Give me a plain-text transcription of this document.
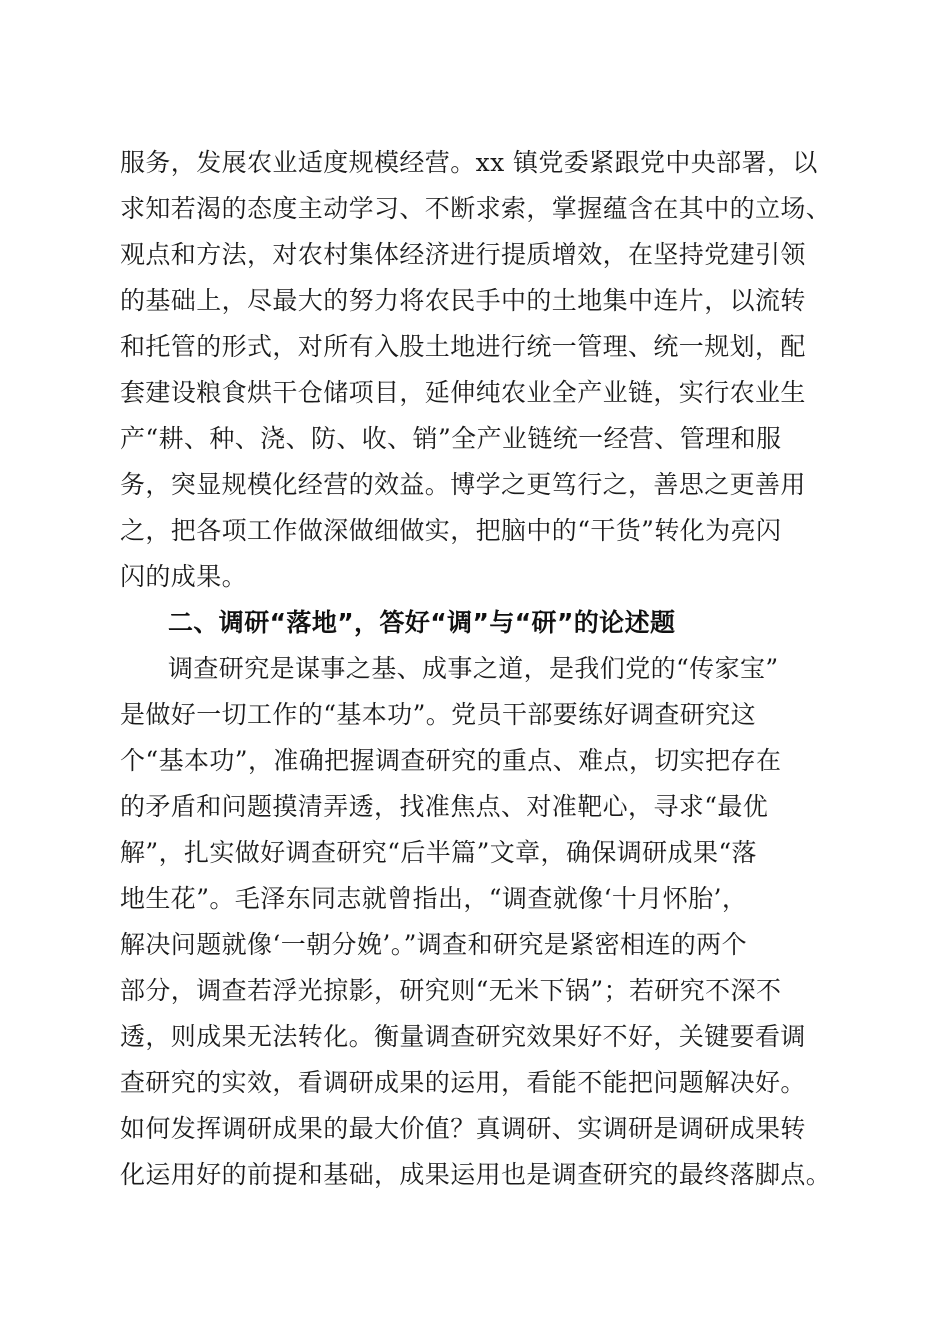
服务，发展农业适度规模经营。xx 镇党委紧跟党中央部署，以
求知若渴的态度主动学习、不断求索，掌握蕴含在其中的立场、
观点和方法，对农村集体经济进行提质增效，在坚持党建引领
的基础上，尽最大的努力将农民手中的土地集中连片，以流转
和托管的形式，对所有入股土地进行统一管理、统一规划，配
套建设粮食烘干仓储项目，延伸纯农业全产业链，实行农业生
产“耕、种、浇、防、收、销”全产业链统一经营、管理和服
务，突显规模化经营的效益。博学之更笃行之，善思之更善用
之，把各项工作做深做细做实，把脑中的“干货”转化为亮闪
闪的成果。
二、调研“落地”，答好“调”与“研”的论述题
调查研究是谋事之基、成事之道，是我们党的“传家宝”
是做好一切工作的“基本功”。党员干部要练好调查研究这
个“基本功”，准确把握调查研究的重点、难点，切实把存在
的矛盾和问题摸清弄透，找准焦点、对准靶心，寻求“最优
解”，扎实做好调查研究“后半篇”文章，确保调研成果“落
地生花”。毛泽东同志就曾指出，“调查就像‘十月怀胎’，
解决问题就像‘一朝分娩’。”调查和研究是紧密相连的两个
部分，调查若浮光掠影，研究则“无米下锅”；若研究不深不
透，则成果无法转化。衡量调查研究效果好不好，关键要看调
查研究的实效，看调研成果的运用，看能不能把问题解决好。
如何发挥调研成果的最大价值？真调研、实调研是调研成果转
化运用好的前提和基础，成果运用也是调查研究的最终落脚点。
